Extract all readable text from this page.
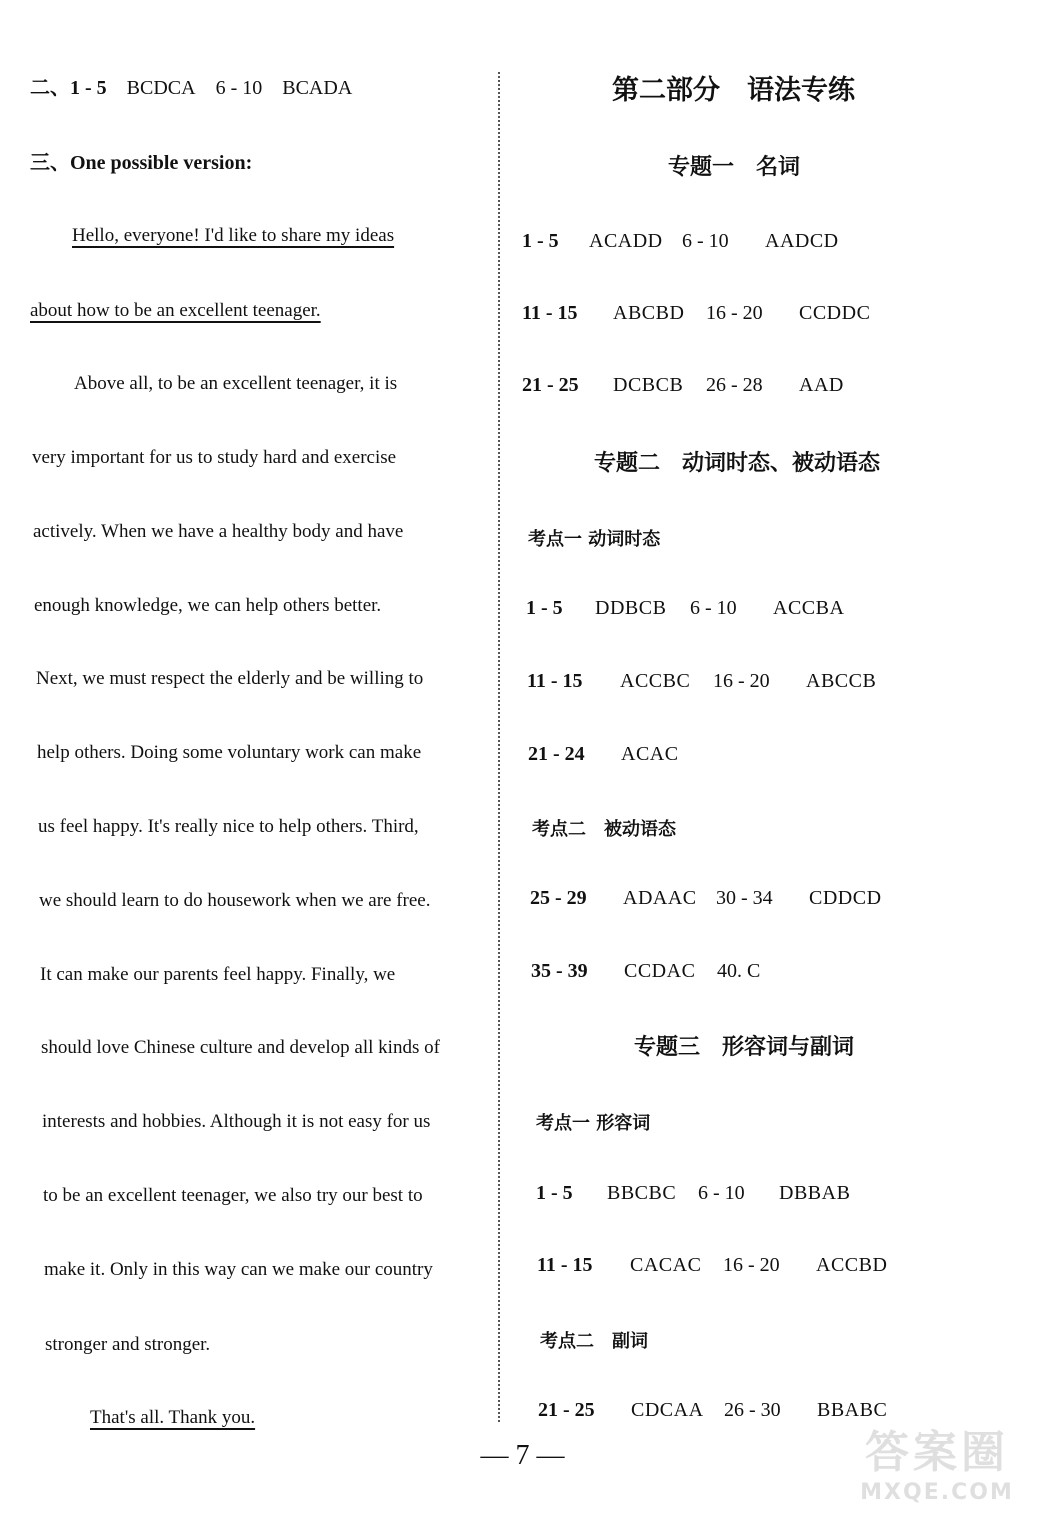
二、1 - 5 BCDCA 6 - 10 BCADA
三、One possible version:
Hello, everyone! I'd like to share my ideas
about how to be an excellent teenager.
Above all, to be an excellent teenager, it is
very important for us to study hard and exercise
actively. When we have a healthy body and have
enough knowledge, we can help others better.
Next, we must respect the elderly and be willing to
help others. Doing some voluntary work can make
us feel happy. It's really nice to help others. Third,
we should learn to do housework when we are free.
It can make our parents feel happy. Finally, we
should love Chinese culture and develop all kinds of
interests and hobbies. Although it is not easy for us
to be an excellent teenager, we also try our best to
make it. Only in this way can we make our country
stronger and stronger.
That's all. Thank you.
第二部分　语法专练
专题一　名词
1 - 5 ACADD 6 - 10 AADCD
11 - 15 ABCBD 16 - 20 CCDDC
21 - 25 DCBCB 26 - 28 AAD
专题二　动词时态、被动语态
考点一 动词时态
1 - 5 DDBCB 6 - 10 ACCBA
11 - 15 ACCBC 16 - 20 ABCCB
21 - 24 ACAC
考点二　被动语态
25 - 29 ADAAC 30 - 34 CDDCD
35 - 39 CCDAC 40. C
专题三　形容词与副词
考点一 形容词
1 - 5 BBCBC 6 - 10 DBBAB
11 - 15 CACAC 16 - 20 ACCBD
考点二　副词
21 - 25 CDCAA 26 - 30 BBABC
— 7 —	答案圈
MXQE.COM
